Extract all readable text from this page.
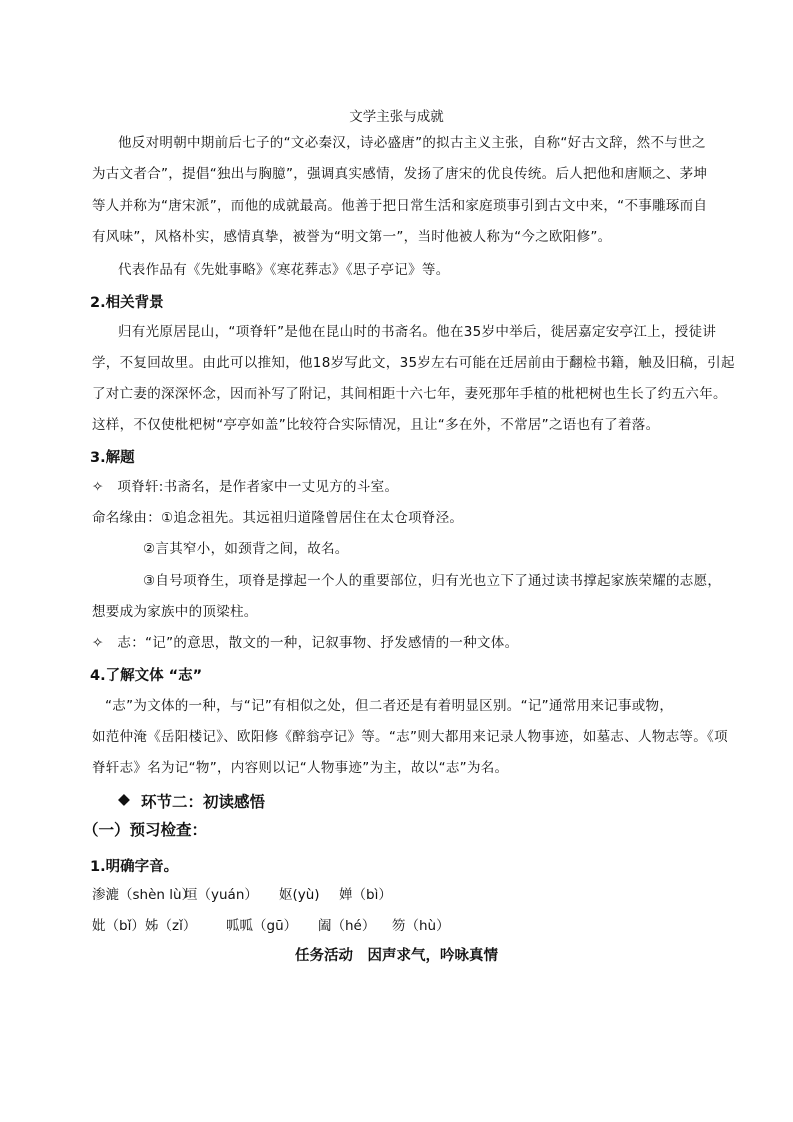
文学主张与成就
他反对明朝中期前后七子的“文必秦汉，诗必盛唐”的拟古主义主张，自称“好古文辞，然不与世之
为古文者合”，提倡“独出与胸臆”，强调真实感情，发扬了唐宋的优良传统。后人把他和唐顺之、茅坤
等人并称为“唐宋派”，而他的成就最高。他善于把日常生活和家庭琐事引到古文中来，“不事雕琢而自
有风味”，风格朴实，感情真挚，被誉为“明文第一”，当时他被人称为“今之欧阳修”。
代表作品有《先妣事略》《寒花葬志》《思子亭记》等。
2.相关背景
归有光原居昆山，“项脊轩”是他在昆山时的书斋名。他在35岁中举后，徙居嘉定安亭江上，授徒讲
学，不复回故里。由此可以推知，他18岁写此文，35岁左右可能在迁居前由于翻检书籍，触及旧稿，引起
了对亡妻的深深怀念，因而补写了附记，其间相距十六七年，妻死那年手植的枇杷树也生长了约五六年。
这样，不仅使枇杷树“亭亭如盖”比较符合实际情况，且让“多在外，不常居”之语也有了着落。
3.解题
✧　项脊轩:书斋名，是作者家中一丈见方的斗室。
命名缘由：①追念祖先。其远祖归道隆曾居住在太仓项脊泾。
②言其窄小，如颈背之间，故名。
③自号项脊生，项脊是撑起一个人的重要部位，归有光也立下了通过读书撑起家族荣耀的志愿，
想要成为家族中的顶梁柱。
✧　志：“记”的意思，散文的一种，记叙事物、抒发感情的一种文体。
4.了解文体 “志”
“志”为文体的一种，与“记”有相似之处，但二者还是有着明显区别。“记”通常用来记事或物，
如范仲淹《岳阳楼记》、欧阳修《醉翁亭记》等。“志”则大都用来记录人物事迹，如墓志、人物志等。《项
脊轩志》名为记“物”，内容则以记“人物事迹”为主，故以“志”为名。
◆ 环节二：初读感悟
（一）预习检查：
1.明确字音。
渗漉（shèn lù）
垣（yuán） 妪(yù) 婵（bì）
妣（bǐ） 姊（zǐ） 呱呱（gū） 阖（hé） 笏（hù）
任务活动　因声求气，吟咏真情
